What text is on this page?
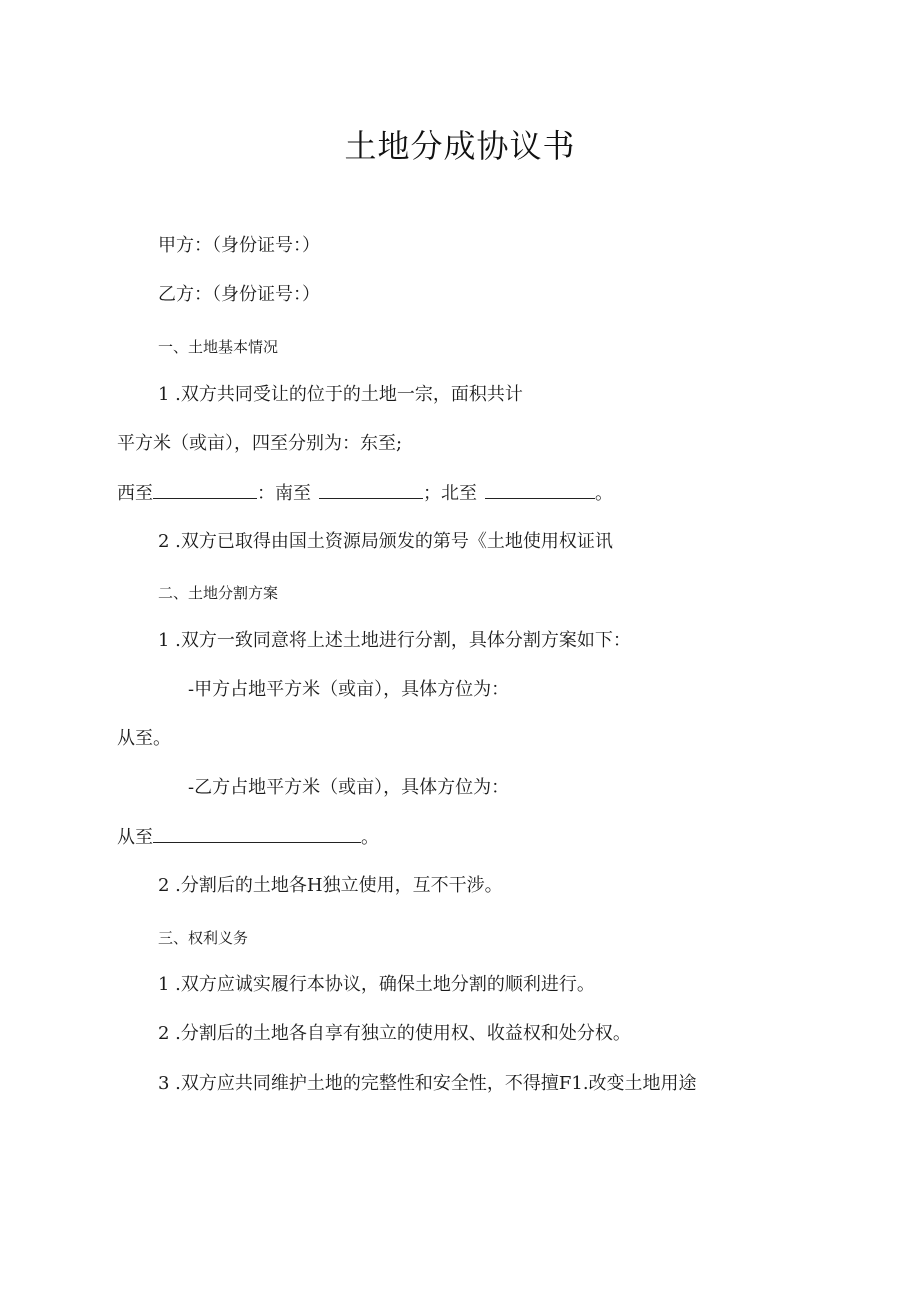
土地分成协议书
甲方：（身份证号：）
乙方：（身份证号：）
一、土地基本情况
1 .双方共同受让的位于的土地一宗，面积共计
平方米（或亩），四至分别为：东至;
西至	：南至	；北至	。
2 .双方已取得由国土资源局颁发的第号《土地使用权证讯
二、土地分割方案
1 .双方一致同意将上述土地进行分割，具体分割方案如下：
-甲方占地平方米（或亩），具体方位为：
从至。
-乙方占地平方米（或亩），具体方位为：
从至	。
2 .分割后的土地各H独立使用，互不干涉。
三、权利义务
1 .双方应诚实履行本协议，确保土地分割的顺利进行。
2 .分割后的土地各自享有独立的使用权、收益权和处分权。
3 .双方应共同维护土地的完整性和安全性，不得擅F1.改变土地用途
